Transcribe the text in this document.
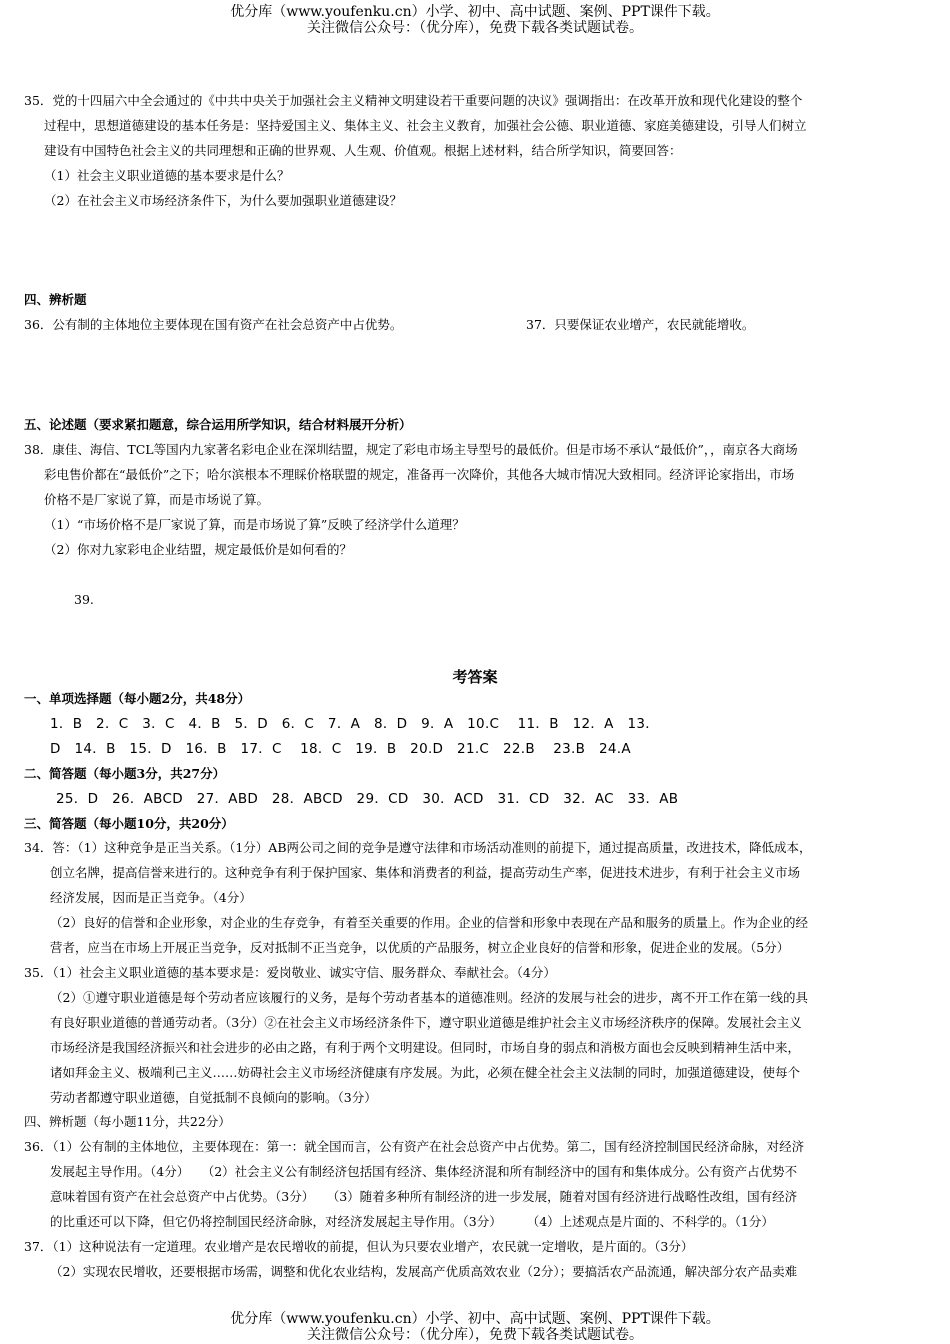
优分库（www.youfenku.cn）小学、初中、高中试题、案例、PPT课件下载。
关注微信公众号：（优分库），免费下载各类试题试卷。
35．党的十四届六中全会通过的《中共中央关于加强社会主义精神文明建设若干重要问题的决议》强调指出：在改革开放和现代化建设的整个
过程中，思想道德建设的基本任务是：坚持爱国主义、集体主义、社会主义教育，加强社会公德、职业道德、家庭美德建设，引导人们树立
建设有中国特色社会主义的共同理想和正确的世界观、人生观、价值观。根据上述材料，结合所学知识，简要回答：
（1）社会主义职业道德的基本要求是什么？
（2）在社会主义市场经济条件下，为什么要加强职业道德建设？
四、辨析题
36．公有制的主体地位主要体现在国有资产在社会总资产中占优势。	37．只要保证农业增产，农民就能增收。
五、论述题（要求紧扣题意，综合运用所学知识，结合材料展开分析）
38．康佳、海信、TCL等国内九家著名彩电企业在深圳结盟，规定了彩电市场主导型号的最低价。但是市场不承认“最低价”，，南京各大商场
彩电售价都在“最低价”之下；哈尔滨根本不理睬价格联盟的规定，准备再一次降价，其他各大城市情况大致相同。经济评论家指出，市场
价格不是厂家说了算，而是市场说了算。
（1）“市场价格不是厂家说了算，而是市场说了算”反映了经济学什么道理？
（2）你对九家彩电企业结盟，规定最低价是如何看的？
39.
考答案
一、单项选择题（每小题2分，共48分）
1．B　2．C　3．C　4．B　5．D　6．C　7．A　8．D　9．A　10.C　 11．B　12．A　13．
D　14．B　15．D　16．B　17．C　 18．C　19．B　20.D　21.C　22.B　 23.B　24.A
二、简答题（每小题3分，共27分）
25．D　26．ABCD　27．ABD　28．ABCD　29．CD　30．ACD　31．CD　32．AC　33．AB
三、简答题（每小题10分，共20分）
34．答：（1）这种竞争是正当关系。（1分）AB两公司之间的竞争是遵守法律和市场活动准则的前提下，通过提高质量，改进技术，降低成本，
创立名牌，提高信誉来进行的。这种竞争有利于保护国家、集体和消费者的利益，提高劳动生产率，促进技术进步，有利于社会主义市场
经济发展，因而是正当竞争。（4分）
（2）良好的信誉和企业形象，对企业的生存竞争，有着至关重要的作用。企业的信誉和形象中表现在产品和服务的质量上。作为企业的经
营者，应当在市场上开展正当竞争，反对抵制不正当竞争，以优质的产品服务，树立企业良好的信誉和形象，促进企业的发展。（5分）
35．（1）社会主义职业道德的基本要求是：爱岗敬业、诚实守信、服务群众、奉献社会。（4分）
（2）①遵守职业道德是每个劳动者应该履行的义务，是每个劳动者基本的道德准则。经济的发展与社会的进步，离不开工作在第一线的具
有良好职业道德的普通劳动者。（3分）②在社会主义市场经济条件下，遵守职业道德是维护社会主义市场经济秩序的保障。发展社会主义
市场经济是我国经济振兴和社会进步的必由之路，有利于两个文明建设。但同时，市场自身的弱点和消极方面也会反映到精神生活中来，
诸如拜金主义、极端利己主义……妨碍社会主义市场经济健康有序发展。为此，必须在健全社会主义法制的同时，加强道德建设，使每个
劳动者都遵守职业道德，自觉抵制不良倾向的影响。（3分）
四、辨析题（每小题11分，共22分）
36．（1）公有制的主体地位，主要体现在：第一：就全国而言，公有资产在社会总资产中占优势。第二，国有经济控制国民经济命脉，对经济
发展起主导作用。（4分）　　（2）社会主义公有制经济包括国有经济、集体经济混和所有制经济中的国有和集体成分。公有资产占优势不
意味着国有资产在社会总资产中占优势。（3分）　　（3）随着多种所有制经济的进一步发展，随着对国有经济进行战略性改组，国有经济
的比重还可以下降，但它仍将控制国民经济命脉，对经济发展起主导作用。（3分）　　　（4）上述观点是片面的、不科学的。（1分）
37．（1）这种说法有一定道理。农业增产是农民增收的前提，但认为只要农业增产，农民就一定增收，是片面的。（3分）
（2）实现农民增收，还要根据市场需，调整和优化农业结构，发展高产优质高效农业（2分）；要搞活农产品流通，解决部分农产品卖难
优分库（www.youfenku.cn）小学、初中、高中试题、案例、PPT课件下载。
关注微信公众号：（优分库），免费下载各类试题试卷。
